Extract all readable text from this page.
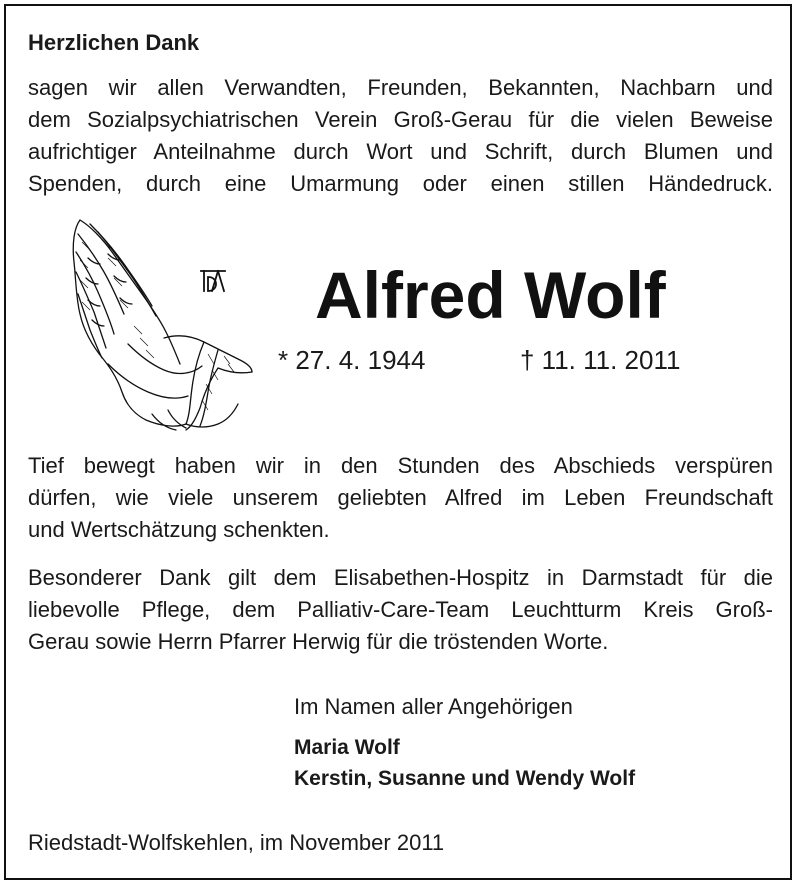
Herzlichen Dank
sagen wir allen Verwandten, Freunden, Bekannten, Nachbarn und
dem Sozialpsychiatrischen Verein Groß-Gerau für die vielen Beweise
aufrichtiger Anteilnahme durch Wort und Schrift, durch Blumen und
Spenden, durch eine Umarmung oder einen stillen Händedruck.
Alfred Wolf
* 27. 4. 1944	† 11. 11. 2011
Tief bewegt haben wir in den Stunden des Abschieds verspüren
dürfen, wie viele unserem geliebten Alfred im Leben Freundschaft
und Wertschätzung schenkten.
Besonderer Dank gilt dem Elisabethen-Hospitz in Darmstadt für die
liebevolle Pflege, dem Palliativ-Care-Team Leuchtturm Kreis Groß-
Gerau sowie Herrn Pfarrer Herwig für die tröstenden Worte.
Im Namen aller Angehörigen
Maria Wolf
Kerstin, Susanne und Wendy Wolf
Riedstadt-Wolfskehlen, im November 2011
